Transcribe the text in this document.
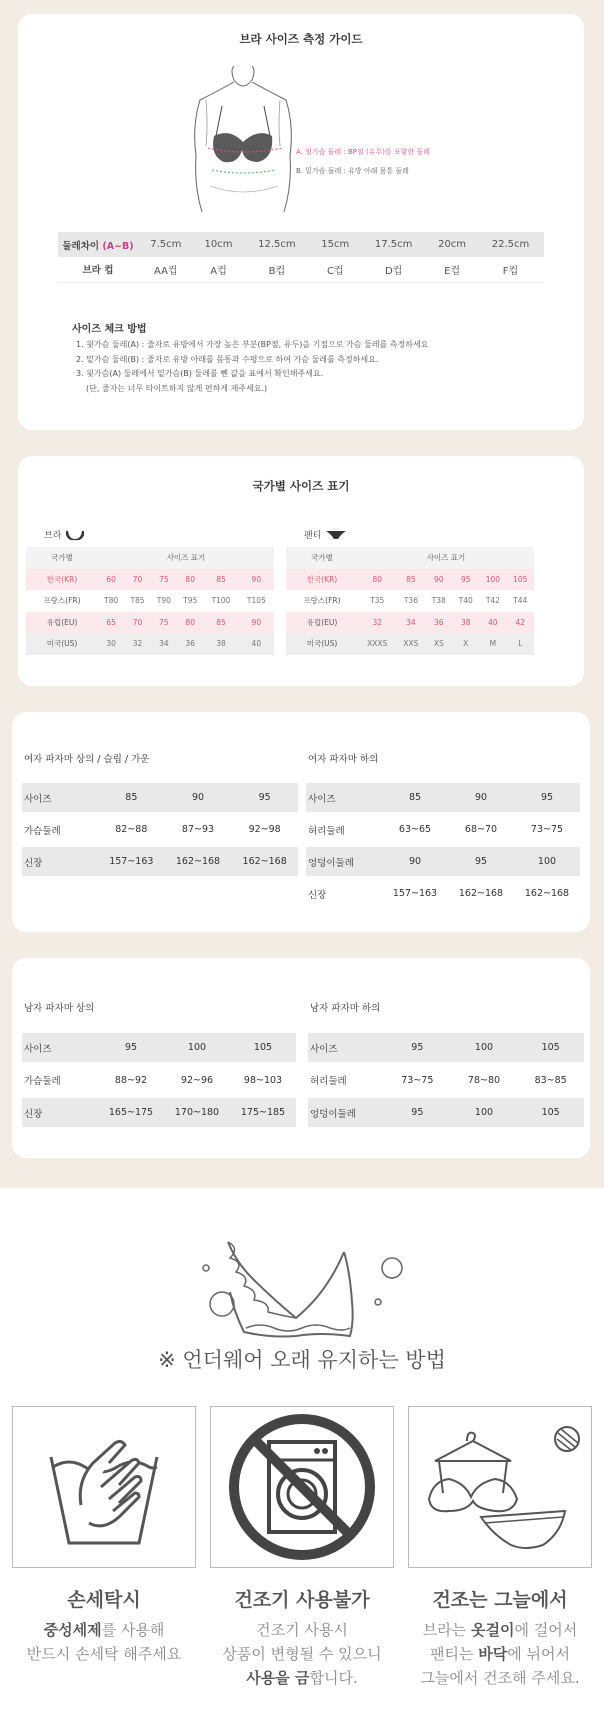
브라 사이즈 측정 가이드
A. 윗가슴 둘레 : BP점 (유두)를 포함한 둘레
B. 밑가슴 둘레 : 유방 아래 몸통 둘레
둘레차이 (A~B)	7.5cm	10cm	12.5cm	15cm	17.5cm	20cm	22.5cm
브라 컵	AA컵	A컵	B컵	C컵	D컵	E컵	F컵
사이즈 체크 방법
1. 윗가슴 둘레(A) : 줄자로 유방에서 가장 높은 부분(BP점, 유두)을 기점으로 가슴 둘레를 측정하세요
2. 밑가슴 둘레(B) : 줄자로 유방 아래를 몸통과 수평으로 하여 가슴 둘레를 측정하세요.
3. 윗가슴(A) 둘레에서 밑가슴(B) 둘레를 뺀 값을 표에서 확인해주세요.
(단, 줄자는 너무 타이트하지 않게 편하게 재주세요.)
국가별 사이즈 표기
브라	팬티
국가별	사이즈 표기					
한국(KR)	60	70	75	80	85	90
프랑스(FR)	T80	T85	T90	T95	T100	T105
유럽(EU)	65	70	75	80	85	90
미국(US)	30	32	34	36	38	40
국가별	사이즈 표기					
한국(KR)	80	85	90	95	100	105
프랑스(FR)	T35	T36	T38	T40	T42	T44
유럽(EU)	32	34	36	38	40	42
미국(US)	XXXS	XXS	XS	X	M	L
여자 파자마 상의 / 슬립 / 가운	여자 파자마 하의
사이즈	85	90	95
가슴둘레	82~88	87~93	92~98
신장	157~163	162~168	162~168
사이즈	85	90	95
허리둘레	63~65	68~70	73~75
엉덩이둘레	90	95	100
신장	157~163	162~168	162~168
남자 파자마 상의	남자 파자마 하의
사이즈	95	100	105
가슴둘레	88~92	92~96	98~103
신장	165~175	170~180	175~185
사이즈	95	100	105
허리둘레	73~75	78~80	83~85
엉덩이둘레	95	100	105
※ 언더웨어 오래 유지하는 방법
손세탁시
중성세제를 사용해
반드시 손세탁 해주세요
건조기 사용불가
건조기 사용시
상품이 변형될 수 있으니
사용을 금합니다.
건조는 그늘에서
브라는 옷걸이에 걸어서
팬티는 바닥에 뉘어서
그늘에서 건조해 주세요.
